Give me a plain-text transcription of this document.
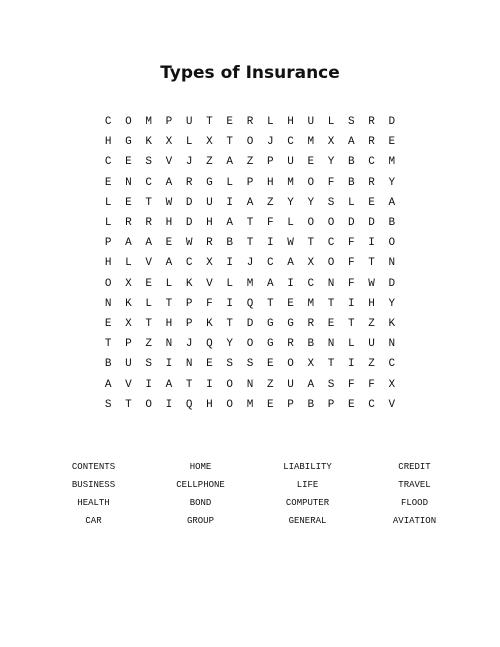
Types of Insurance
C	O	M	P	U	T	E	R	L	H	U	L	S	R	D
H	G	K	X	L	X	T	O	J	C	M	X	A	R	E
C	E	S	V	J	Z	A	Z	P	U	E	Y	B	C	M
E	N	C	A	R	G	L	P	H	M	O	F	B	R	Y
L	E	T	W	D	U	I	A	Z	Y	Y	S	L	E	A
L	R	R	H	D	H	A	T	F	L	O	O	D	D	B
P	A	A	E	W	R	B	T	I	W	T	C	F	I	O
H	L	V	A	C	X	I	J	C	A	X	O	F	T	N
O	X	E	L	K	V	L	M	A	I	C	N	F	W	D
N	K	L	T	P	F	I	Q	T	E	M	T	I	H	Y
E	X	T	H	P	K	T	D	G	G	R	E	T	Z	K
T	P	Z	N	J	Q	Y	O	G	R	B	N	L	U	N
B	U	S	I	N	E	S	S	E	O	X	T	I	Z	C
A	V	I	A	T	I	O	N	Z	U	A	S	F	F	X
S	T	O	I	Q	H	O	M	E	P	B	P	E	C	V
CONTENTS	HOME	LIABILITY	CREDIT
BUSINESS	CELLPHONE	LIFE	TRAVEL
HEALTH	BOND	COMPUTER	FLOOD
CAR	GROUP	GENERAL	AVIATION
